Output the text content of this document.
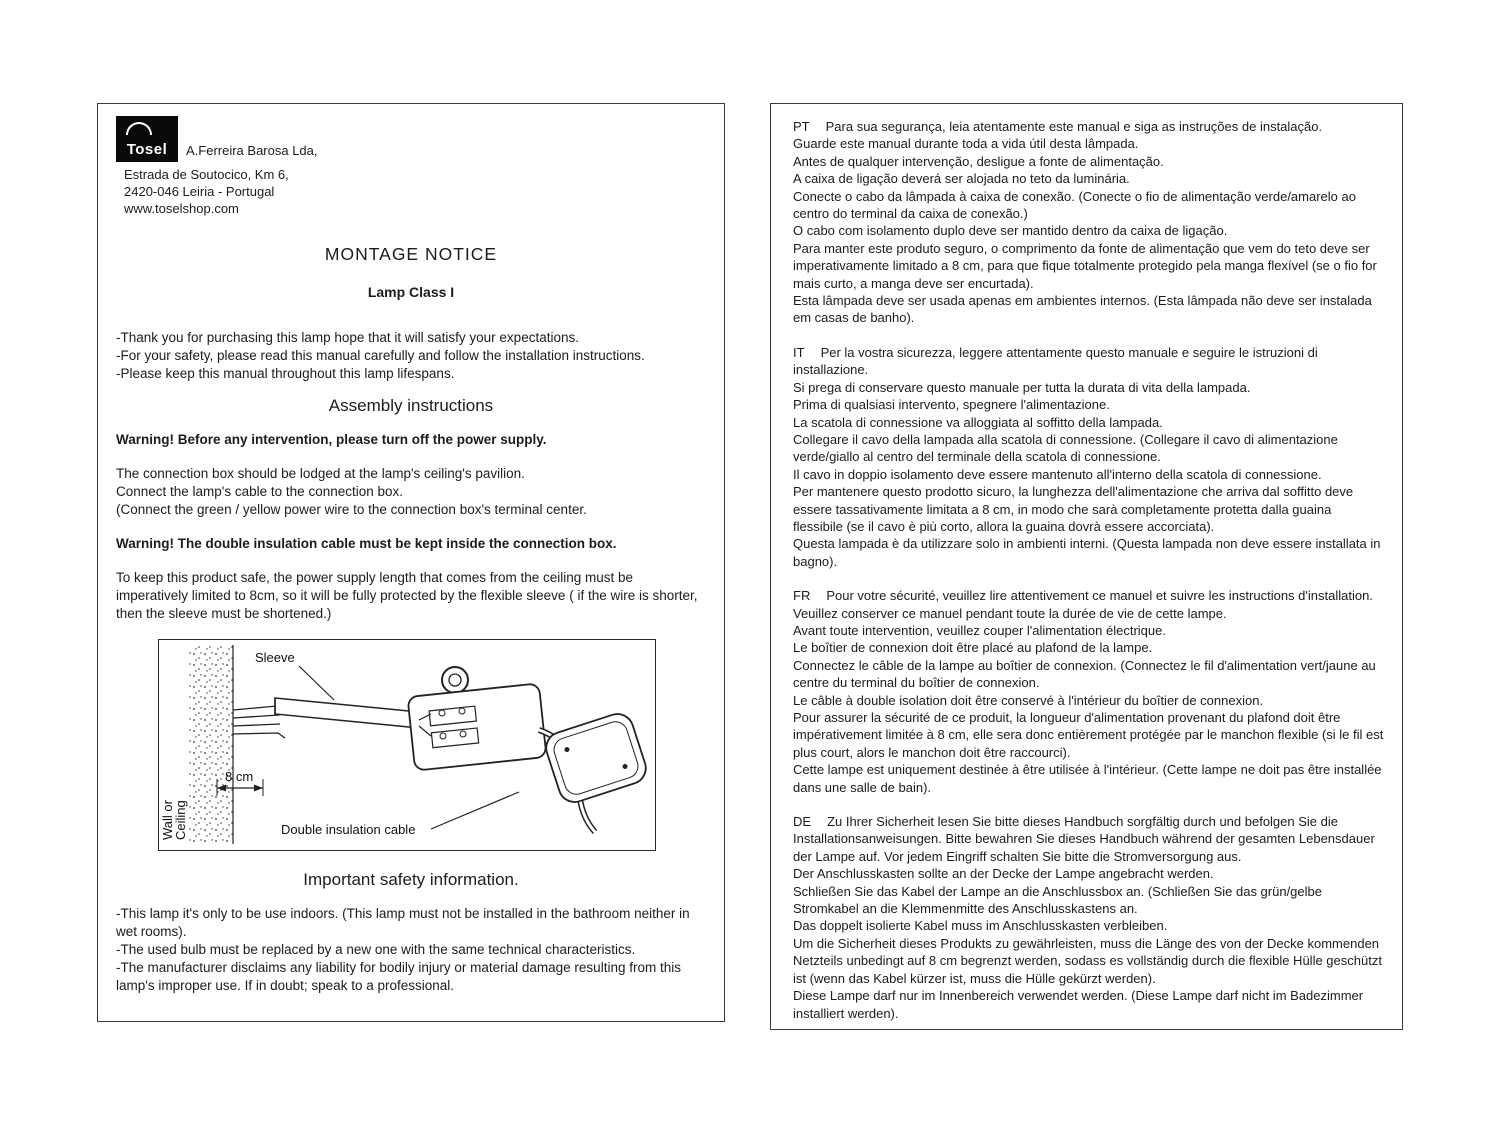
Tosel A.Ferreira Barosa Lda,
Estrada de Soutocico, Km 6,
2420-046 Leiria - Portugal
www.toselshop.com
MONTAGE NOTICE
Lamp Class I
-Thank you for purchasing this lamp hope that it will satisfy your expectations.
-For your safety, please read this manual carefully and follow the installation instructions.
-Please keep this manual throughout this lamp lifespans.
Assembly instructions
Warning! Before any intervention, please turn off the power supply.
The connection box should be lodged at the lamp's ceiling's pavilion.
Connect the lamp's cable to the connection box.
(Connect the green / yellow power wire to the connection box's terminal center.
Warning! The double insulation cable must be kept inside the connection box.
To keep this product safe, the power supply length that comes from the ceiling must be imperatively limited to 8cm, so it will be fully protected by the flexible sleeve ( if the wire is shorter, then the sleeve must be shortened.)
Wall or
Ceiling
Sleeve
8 cm
Double insulation cable
Important safety information.
-This lamp it's only to be use indoors. (This lamp must not be installed in the bathroom neither in wet rooms).
-The used bulb must be replaced by a new one with the same technical characteristics.
-The manufacturer disclaims any liability for bodily injury or material damage resulting from this lamp's improper use. If in doubt; speak to a professional.
PT Para sua segurança, leia atentamente este manual e siga as instruções de instalação.
Guarde este manual durante toda a vida útil desta lâmpada.
Antes de qualquer intervenção, desligue a fonte de alimentação.
A caixa de ligação deverá ser alojada no teto da luminária.
Conecte o cabo da lâmpada à caixa de conexão. (Conecte o fio de alimentação verde/amarelo ao centro do terminal da caixa de conexão.)
O cabo com isolamento duplo deve ser mantido dentro da caixa de ligação.
Para manter este produto seguro, o comprimento da fonte de alimentação que vem do teto deve ser imperativamente limitado a 8 cm, para que fique totalmente protegido pela manga flexível (se o fio for mais curto, a manga deve ser encurtada).
Esta lâmpada deve ser usada apenas em ambientes internos. (Esta lâmpada não deve ser instalada em casas de banho).
IT Per la vostra sicurezza, leggere attentamente questo manuale e seguire le istruzioni di installazione.
Si prega di conservare questo manuale per tutta la durata di vita della lampada.
Prima di qualsiasi intervento, spegnere l'alimentazione.
La scatola di connessione va alloggiata al soffitto della lampada.
Collegare il cavo della lampada alla scatola di connessione. (Collegare il cavo di alimentazione verde/giallo al centro del terminale della scatola di connessione.
Il cavo in doppio isolamento deve essere mantenuto all'interno della scatola di connessione.
Per mantenere questo prodotto sicuro, la lunghezza dell'alimentazione che arriva dal soffitto deve essere tassativamente limitata a 8 cm, in modo che sarà completamente protetta dalla guaina flessibile (se il cavo è più corto, allora la guaina dovrà essere accorciata).
Questa lampada è da utilizzare solo in ambienti interni. (Questa lampada non deve essere installata in bagno).
FR Pour votre sécurité, veuillez lire attentivement ce manuel et suivre les instructions d'installation. Veuillez conserver ce manuel pendant toute la durée de vie de cette lampe.
Avant toute intervention, veuillez couper l'alimentation électrique.
Le boîtier de connexion doit être placé au plafond de la lampe.
Connectez le câble de la lampe au boîtier de connexion. (Connectez le fil d'alimentation vert/jaune au centre du terminal du boîtier de connexion.
Le câble à double isolation doit être conservé à l'intérieur du boîtier de connexion.
Pour assurer la sécurité de ce produit, la longueur d'alimentation provenant du plafond doit être impérativement limitée à 8 cm, elle sera donc entièrement protégée par le manchon flexible (si le fil est plus court, alors le manchon doit être raccourci).
Cette lampe est uniquement destinée à être utilisée à l'intérieur. (Cette lampe ne doit pas être installée dans une salle de bain).
DE Zu Ihrer Sicherheit lesen Sie bitte dieses Handbuch sorgfältig durch und befolgen Sie die Installationsanweisungen. Bitte bewahren Sie dieses Handbuch während der gesamten Lebensdauer der Lampe auf. Vor jedem Eingriff schalten Sie bitte die Stromversorgung aus.
Der Anschlusskasten sollte an der Decke der Lampe angebracht werden.
Schließen Sie das Kabel der Lampe an die Anschlussbox an. (Schließen Sie das grün/gelbe Stromkabel an die Klemmenmitte des Anschlusskastens an.
Das doppelt isolierte Kabel muss im Anschlusskasten verbleiben.
Um die Sicherheit dieses Produkts zu gewährleisten, muss die Länge des von der Decke kommenden Netzteils unbedingt auf 8 cm begrenzt werden, sodass es vollständig durch die flexible Hülle geschützt ist (wenn das Kabel kürzer ist, muss die Hülle gekürzt werden).
Diese Lampe darf nur im Innenbereich verwendet werden. (Diese Lampe darf nicht im Badezimmer installiert werden).
